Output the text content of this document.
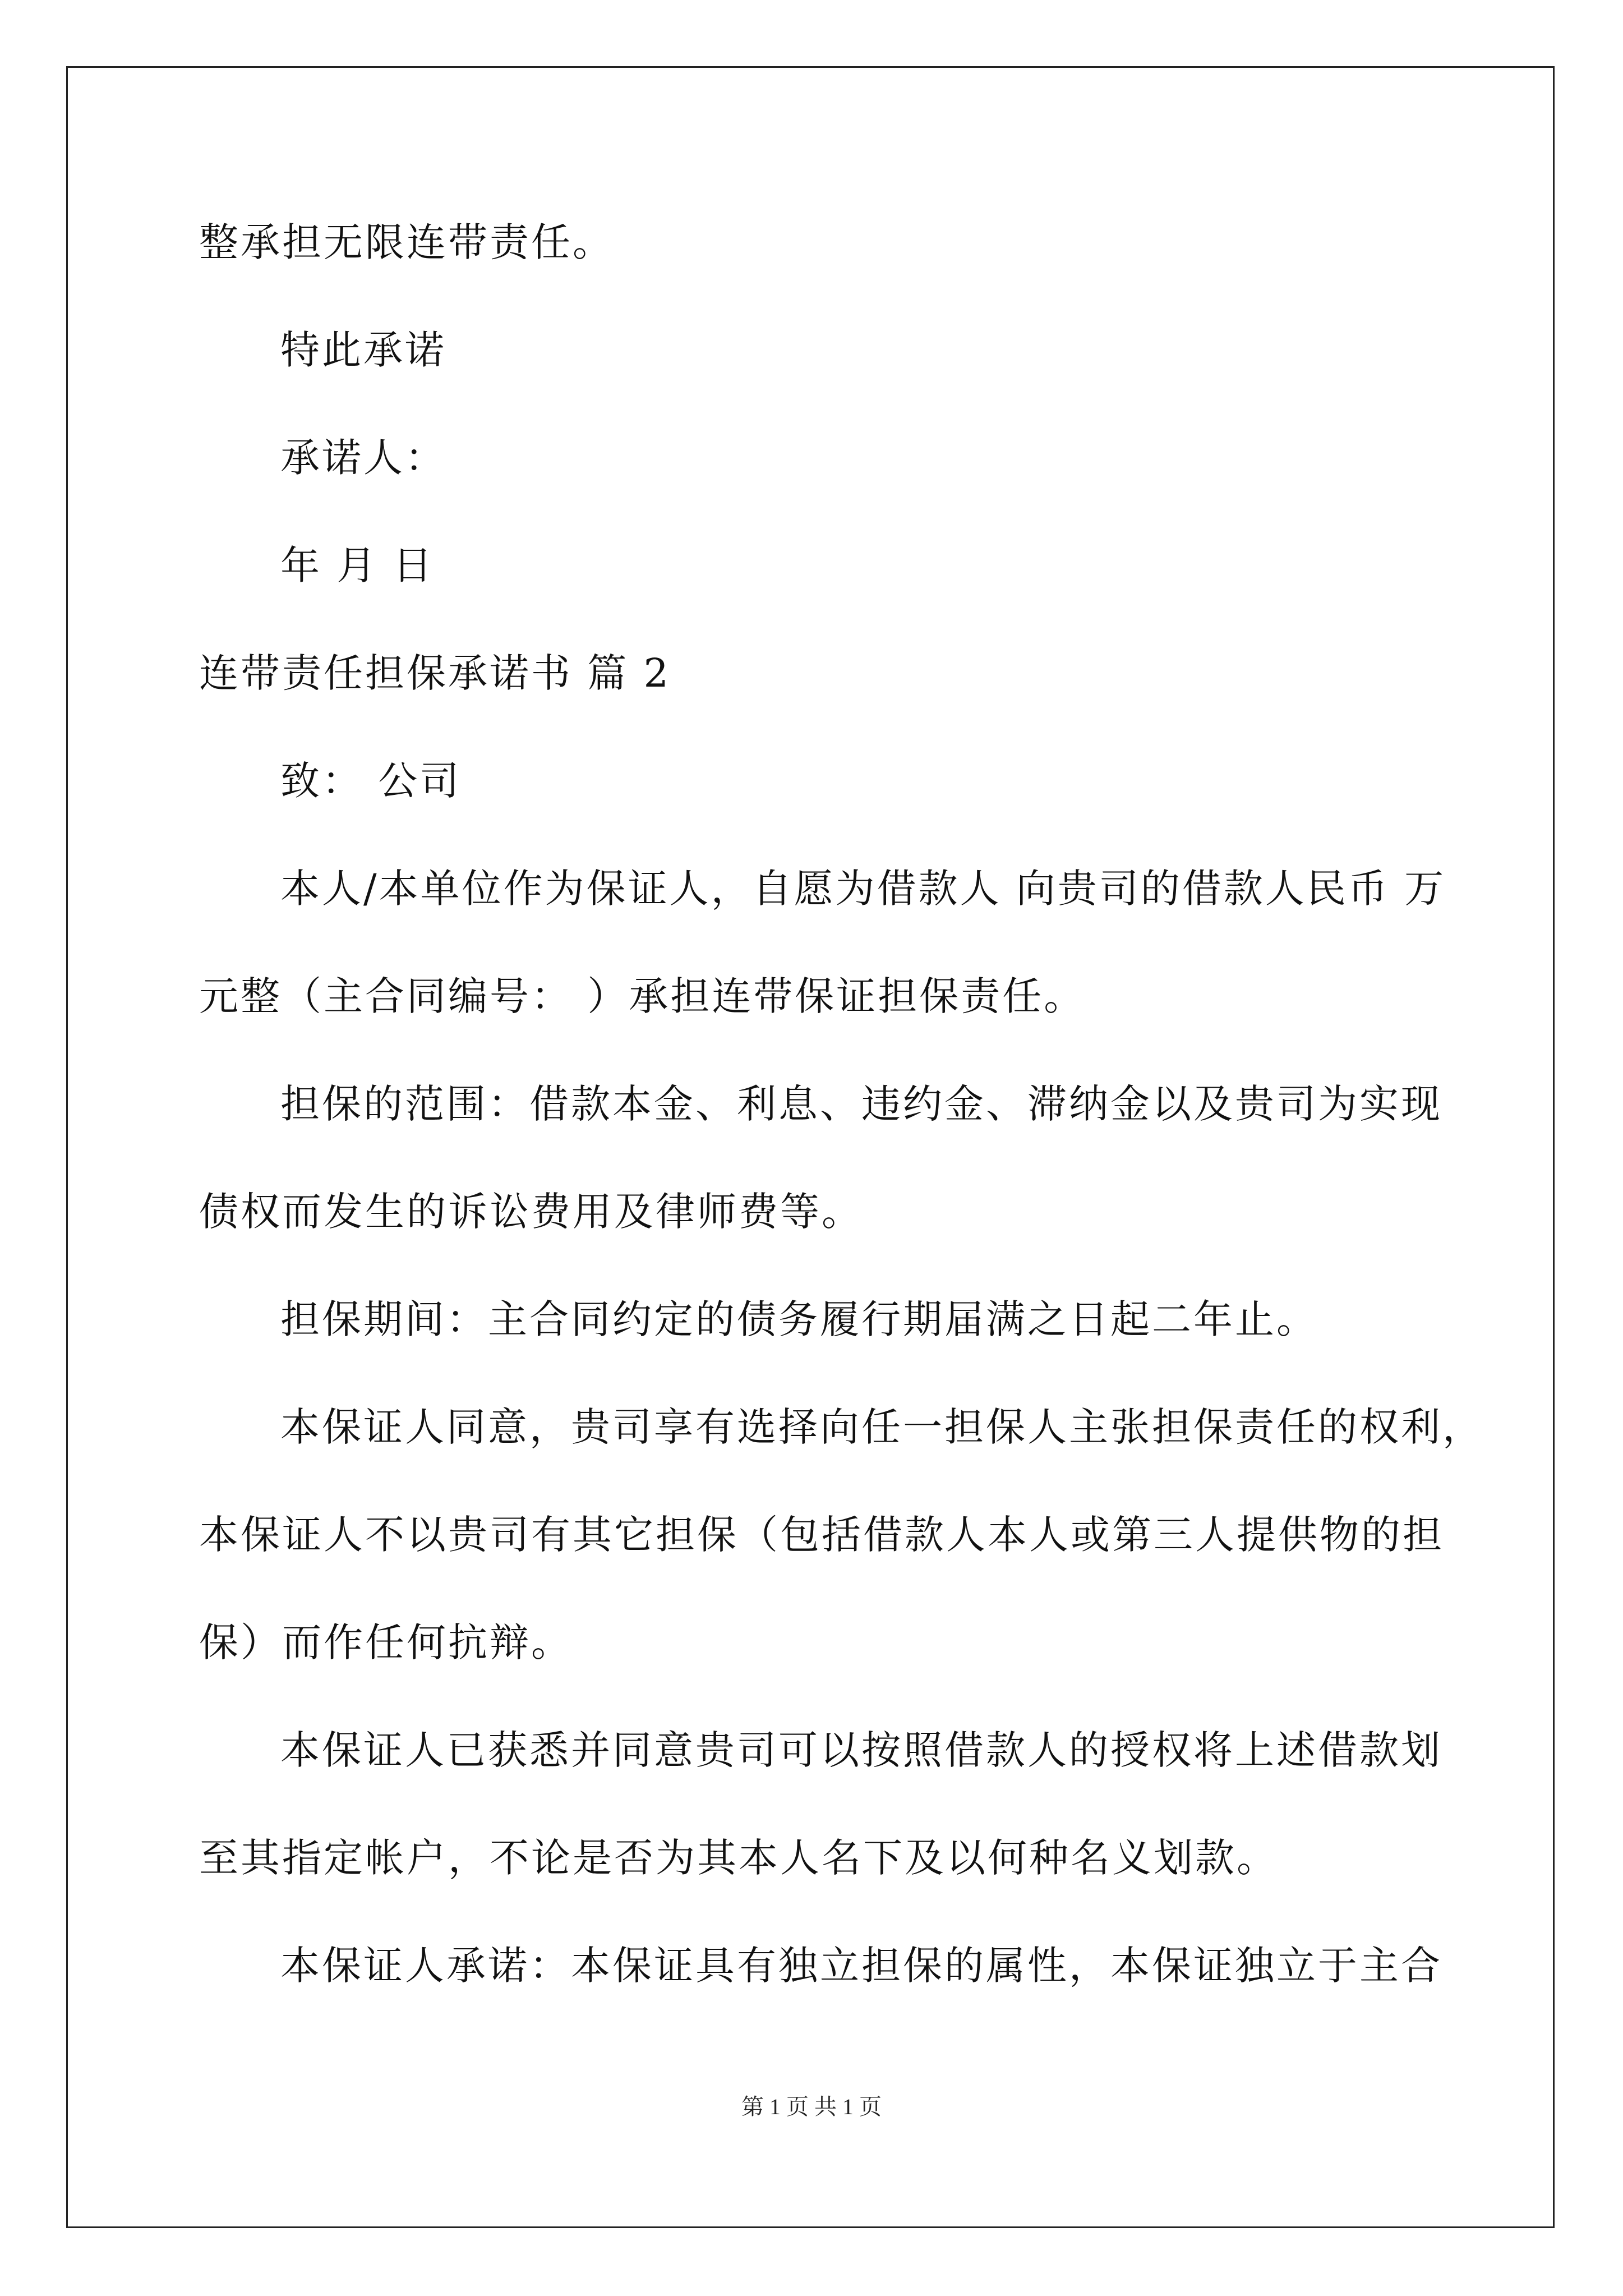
整承担无限连带责任。
特此承诺
承诺人：
年 月 日
连带责任担保承诺书 篇 2
致： 公司
本人/本单位作为保证人，自愿为借款人 向贵司的借款人民币 万
元整（主合同编号： ）承担连带保证担保责任。
担保的范围：借款本金、利息、违约金、滞纳金以及贵司为实现
债权而发生的诉讼费用及律师费等。
担保期间：主合同约定的债务履行期届满之日起二年止。
本保证人同意，贵司享有选择向任一担保人主张担保责任的权利，
本保证人不以贵司有其它担保（包括借款人本人或第三人提供物的担
保）而作任何抗辩。
本保证人已获悉并同意贵司可以按照借款人的授权将上述借款划
至其指定帐户，不论是否为其本人名下及以何种名义划款。
本保证人承诺：本保证具有独立担保的属性，本保证独立于主合
第 1 页 共 1 页
